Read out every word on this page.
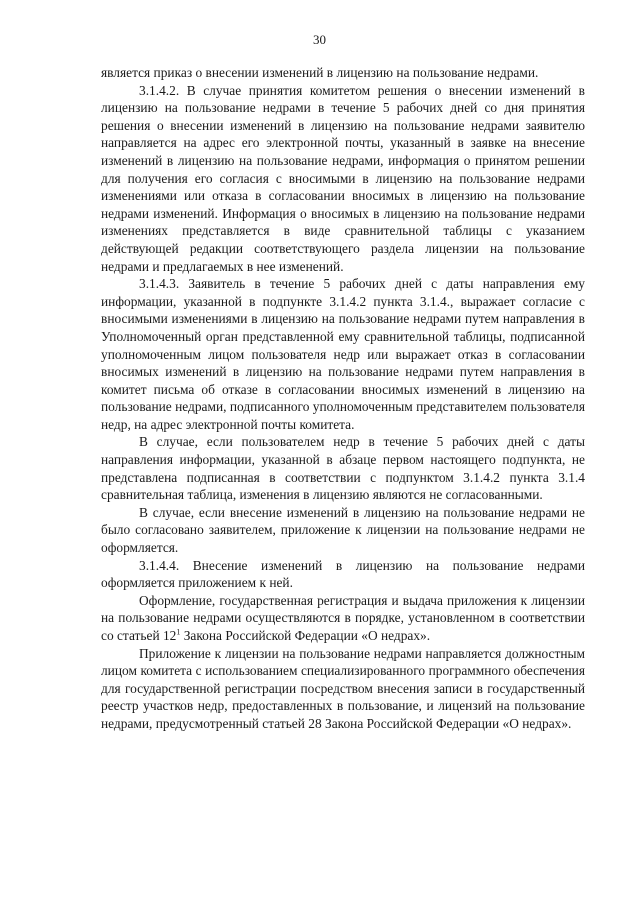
30

является приказ о внесении изменений в лицензию на пользование недрами.

3.1.4.2. В случае принятия комитетом решения о внесении изменений в лицензию на пользование недрами в течение 5 рабочих дней со дня принятия решения о внесении изменений в лицензию на пользование недрами заявителю направляется на адрес его электронной почты, указанный в заявке на внесение изменений в лицензию на пользование недрами, информация о принятом решении для получения его согласия с вносимыми в лицензию на пользование недрами изменениями или отказа в согласовании вносимых в лицензию на пользование недрами изменений. Информация о вносимых в лицензию на пользование недрами изменениях представляется в виде сравнительной таблицы с указанием действующей редакции соответствующего раздела лицензии на пользование недрами и предлагаемых в нее изменений.

3.1.4.3. Заявитель в течение 5 рабочих дней с даты направления ему информации, указанной в подпункте 3.1.4.2 пункта 3.1.4., выражает согласие с вносимыми изменениями в лицензию на пользование недрами путем направления в Уполномоченный орган представленной ему сравнительной таблицы, подписанной уполномоченным лицом пользователя недр или выражает отказ в согласовании вносимых изменений в лицензию на пользование недрами путем направления в комитет письма об отказе в согласовании вносимых изменений в лицензию на пользование недрами, подписанного уполномоченным представителем пользователя недр, на адрес электронной почты комитета.

В случае, если пользователем недр в течение 5 рабочих дней с даты направления информации, указанной в абзаце первом настоящего подпункта, не представлена подписанная в соответствии с подпунктом 3.1.4.2 пункта 3.1.4 сравнительная таблица, изменения в лицензию являются не согласованными.

В случае, если внесение изменений в лицензию на пользование недрами не было согласовано заявителем, приложение к лицензии на пользование недрами не оформляется.

3.1.4.4. Внесение изменений в лицензию на пользование недрами оформляется приложением к ней.

Оформление, государственная регистрация и выдача приложения к лицензии на пользование недрами осуществляются в порядке, установленном в соответствии со статьей $12^1$ Закона Российской Федерации «О недрах».

Приложение к лицензии на пользование недрами направляется должностным лицом комитета с использованием специализированного программного обеспечения для государственной регистрации посредством внесения записи в государственный реестр участков недр, предоставленных в пользование, и лицензий на пользование недрами, предусмотренный статьей 28 Закона Российской Федерации «О недрах».
